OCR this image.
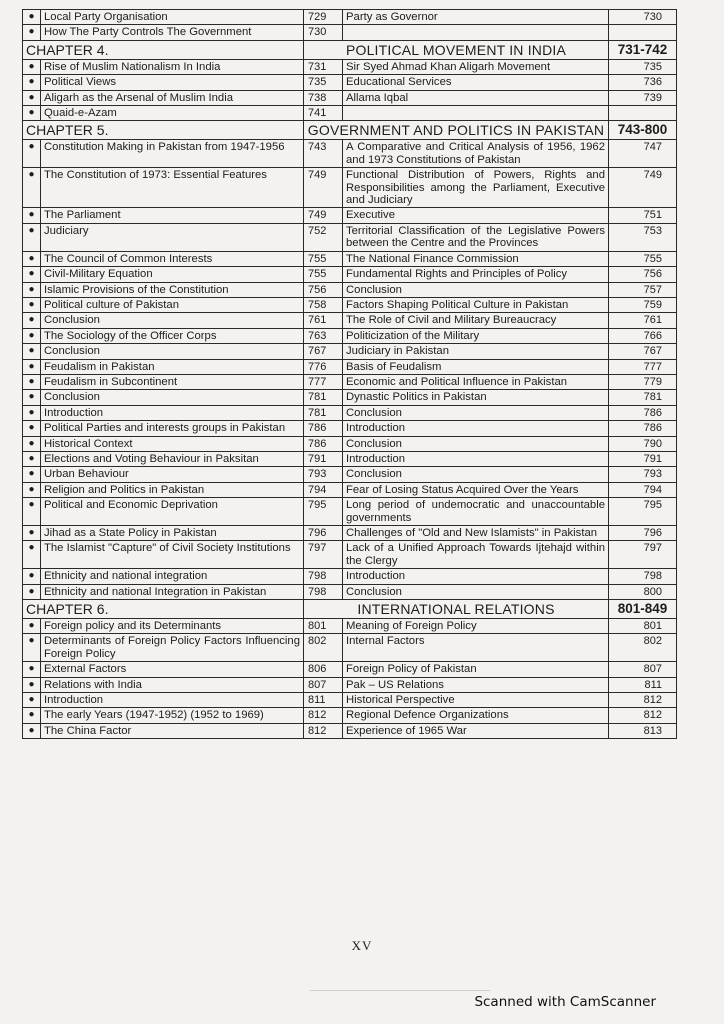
●	Local Party Organisation	729	Party as Governor	730
●	How The Party Controls The Government	730		
CHAPTER 4.		POLITICAL MOVEMENT IN INDIA		731-742
●	Rise of Muslim Nationalism In India	731	Sir Syed Ahmad Khan Aligarh Movement	735
●	Political Views	735	Educational Services	736
●	Aligarh as the Arsenal of Muslim India	738	Allama Iqbal	739
●	Quaid-e-Azam	741		
CHAPTER 5.		GOVERNMENT AND POLITICS IN PAKISTAN		743-800
●	Constitution Making in Pakistan from 1947-1956	743	A Comparative and Critical Analysis of 1956, 1962 and 1973 Constitutions of Pakistan	747
●	The Constitution of 1973: Essential Features	749	Functional Distribution of Powers, Rights and Responsibilities among the Parliament, Executive and Judiciary	749
●	The Parliament	749	Executive	751
●	Judiciary	752	Territorial Classification of the Legislative Powers between the Centre and the Provinces	753
●	The Council of Common Interests	755	The National Finance Commission	755
●	Civil-Military Equation	755	Fundamental Rights and Principles of Policy	756
●	Islamic Provisions of the Constitution	756	Conclusion	757
●	Political culture of Pakistan	758	Factors Shaping Political Culture in Pakistan	759
●	Conclusion	761	The Role of Civil and Military Bureaucracy	761
●	The Sociology of the Officer Corps	763	Politicization of the Military	766
●	Conclusion	767	Judiciary in Pakistan	767
●	Feudalism in Pakistan	776	Basis of Feudalism	777
●	Feudalism in Subcontinent	777	Economic and Political Influence in Pakistan	779
●	Conclusion	781	Dynastic Politics in Pakistan	781
●	Introduction	781	Conclusion	786
●	Political Parties and interests groups in Pakistan	786	Introduction	786
●	Historical Context	786	Conclusion	790
●	Elections and Voting Behaviour in Paksitan	791	Introduction	791
●	Urban Behaviour	793	Conclusion	793
●	Religion and Politics in Pakistan	794	Fear of Losing Status Acquired Over the Years	794
●	Political and Economic Deprivation	795	Long period of undemocratic and unaccountable governments	795
●	Jihad as a State Policy in Pakistan	796	Challenges of "Old and New Islamists" in Pakistan	796
●	The Islamist "Capture" of Civil Society Institutions	797	Lack of a Unified Approach Towards Ijtehajd within the Clergy	797
●	Ethnicity and national integration	798	Introduction	798
●	Ethnicity and national Integration in Pakistan	798	Conclusion	800
CHAPTER 6.		INTERNATIONAL RELATIONS		801-849
●	Foreign policy and its Determinants	801	Meaning of Foreign Policy	801
●	Determinants of Foreign Policy Factors Influencing Foreign Policy	802	Internal Factors	802
●	External Factors	806	Foreign Policy of Pakistan	807
●	Relations with India	807	Pak – US Relations	811
●	Introduction	811	Historical Perspective	812
●	The early Years (1947-1952) (1952 to 1969)	812	Regional Defence Organizations	812
●	The China Factor	812	Experience of 1965 War	813
XV
Scanned with CamScanner
